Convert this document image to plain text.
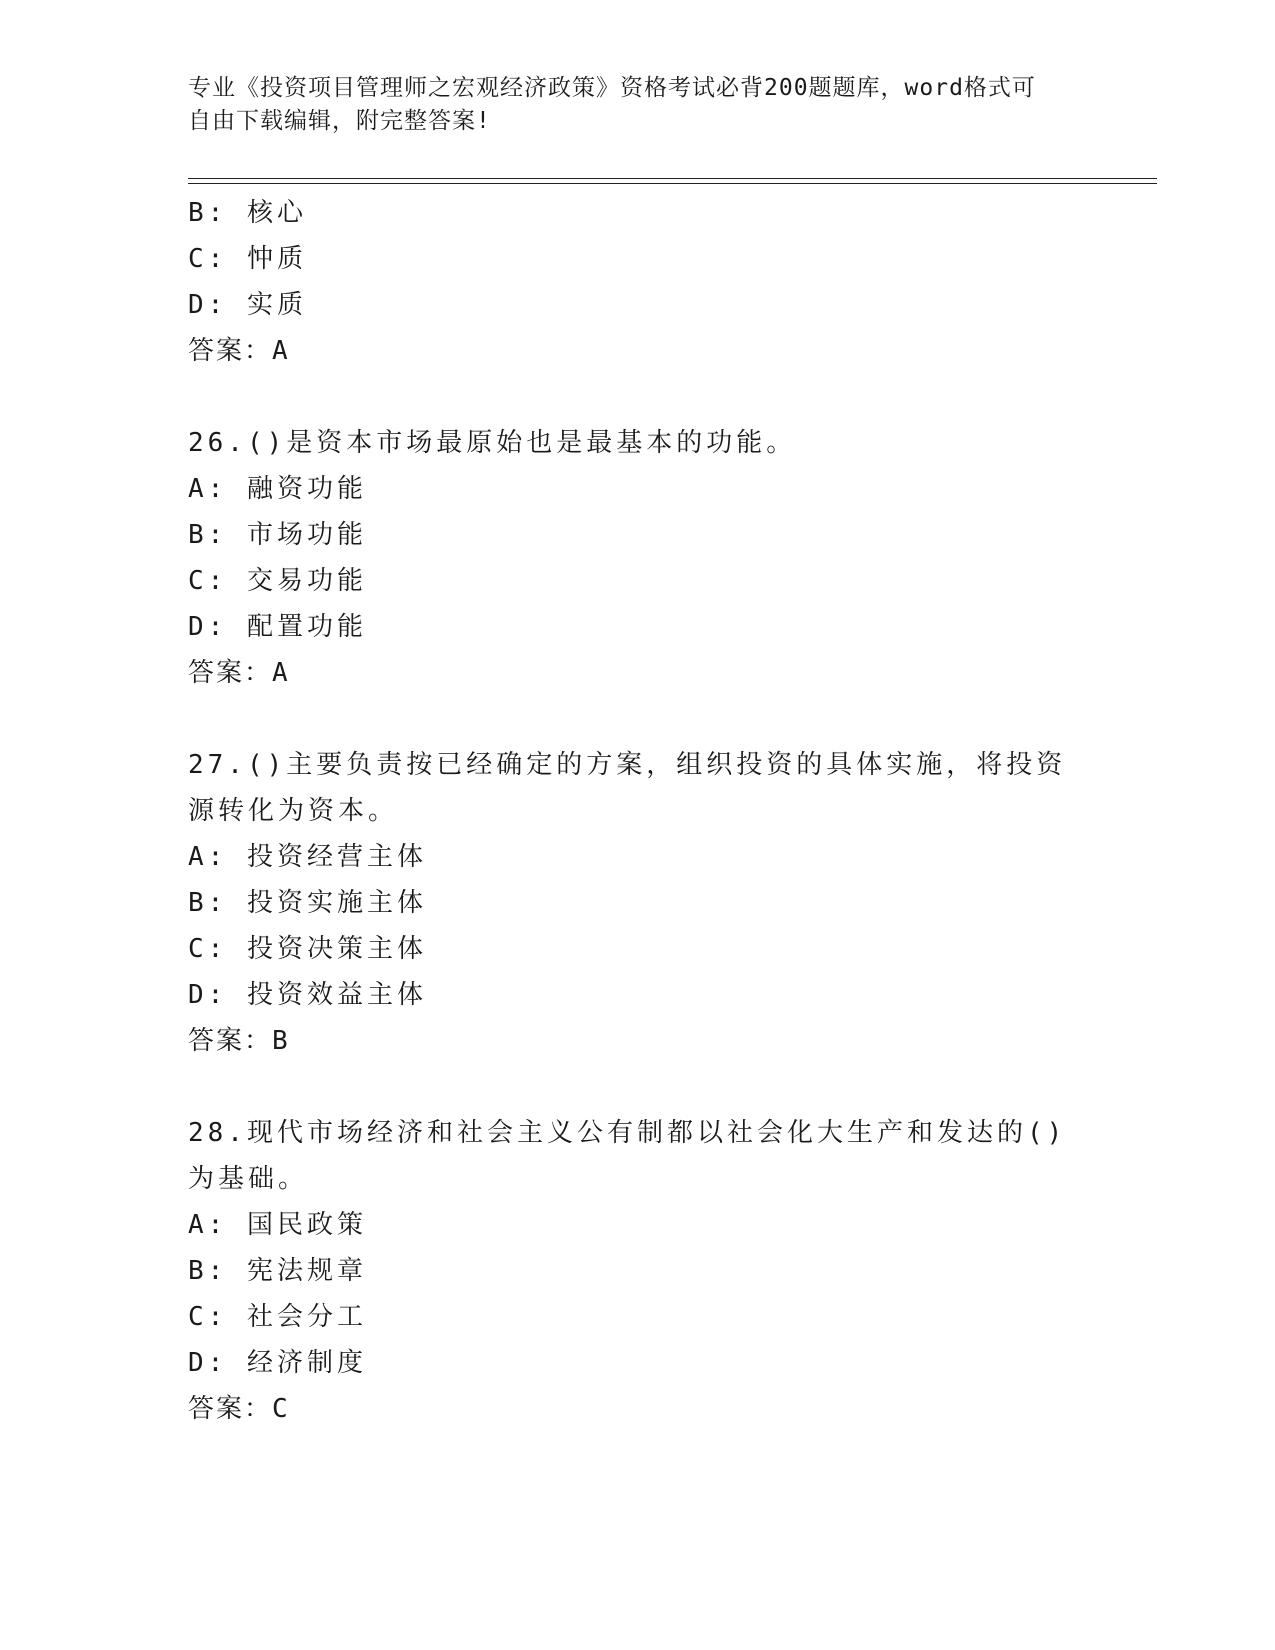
专业《投资项目管理师之宏观经济政策》资格考试必背200题题库，word格式可
自由下载编辑，附完整答案!
B: 核心
C: 忡质
D: 实质
答案：A
26.()是资本市场最原始也是最基本的功能。
A: 融资功能
B: 市场功能
C: 交易功能
D: 配置功能
答案：A
27.()主要负责按已经确定的方案，组织投资的具体实施，将投资源转化为资本。
A: 投资经营主体
B: 投资实施主体
C: 投资决策主体
D: 投资效益主体
答案：B
28.现代市场经济和社会主义公有制都以社会化大生产和发达的()为基础。
A: 国民政策
B: 宪法规章
C: 社会分工
D: 经济制度
答案：C
